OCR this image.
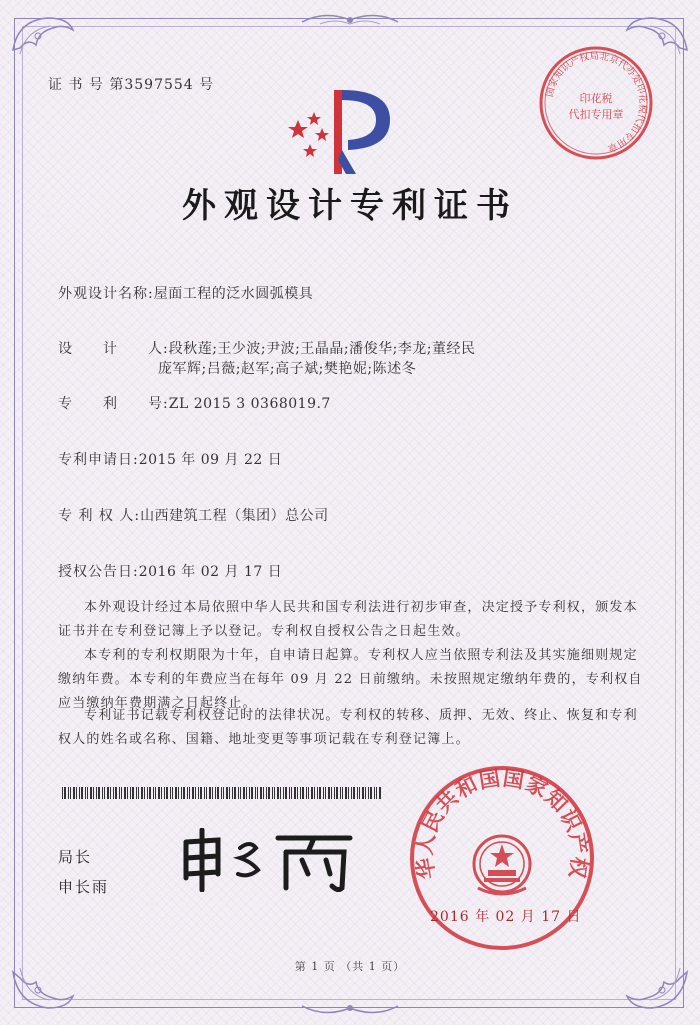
证 书 号 第3597554 号	国家知识产权局北京代办处印花税代扣专用章
印花税
代扣专用章
外观设计专利证书
外观设计名称:屋面工程的泛水圆弧模具
设　　计　　人:段秋莲;王少波;尹波;王晶晶;潘俊华;李龙;董经民
庞军辉;吕薇;赵军;高子斌;樊艳妮;陈述冬
专　　利　　号:ZL 2015 3 0368019.7
专利申请日:2015 年 09 月 22 日
专 利 权 人:山西建筑工程（集团）总公司
授权公告日:2016 年 02 月 17 日
本外观设计经过本局依照中华人民共和国专利法进行初步审查，决定授予专利权，颁发本证书并在专利登记簿上予以登记。专利权自授权公告之日起生效。
本专利的专利权期限为十年，自申请日起算。专利权人应当依照专利法及其实施细则规定缴纳年费。本专利的年费应当在每年 09 月 22 日前缴纳。未按照规定缴纳年费的，专利权自应当缴纳年费期满之日起终止。
专利证书记载专利权登记时的法律状况。专利权的转移、质押、无效、终止、恢复和专利权人的姓名或名称、国籍、地址变更等事项记载在专利登记簿上。
局长
申长雨
华人民共和国国家知识产权
2016 年 02 月 17 日
第 1 页 （共 1 页）
